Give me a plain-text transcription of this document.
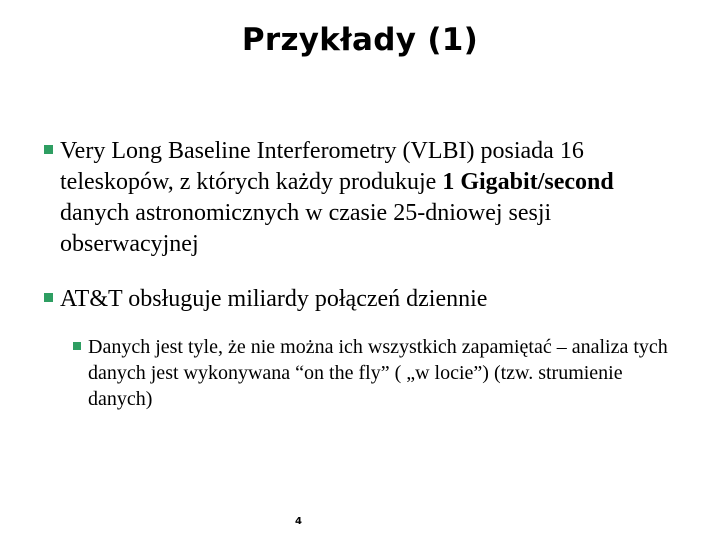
Przykłady (1)
Very Long Baseline Interferometry (VLBI) posiada 16 teleskopów, z których każdy produkuje 1 Gigabit/second danych astronomicznych w czasie 25-dniowej sesji obserwacyjnej
AT&T obsługuje miliardy połączeń dziennie
Danych jest tyle, że nie można ich wszystkich zapamiętać – analiza tych danych jest wykonywana “on the fly” ( „w locie”) (tzw. strumienie danych)
4
